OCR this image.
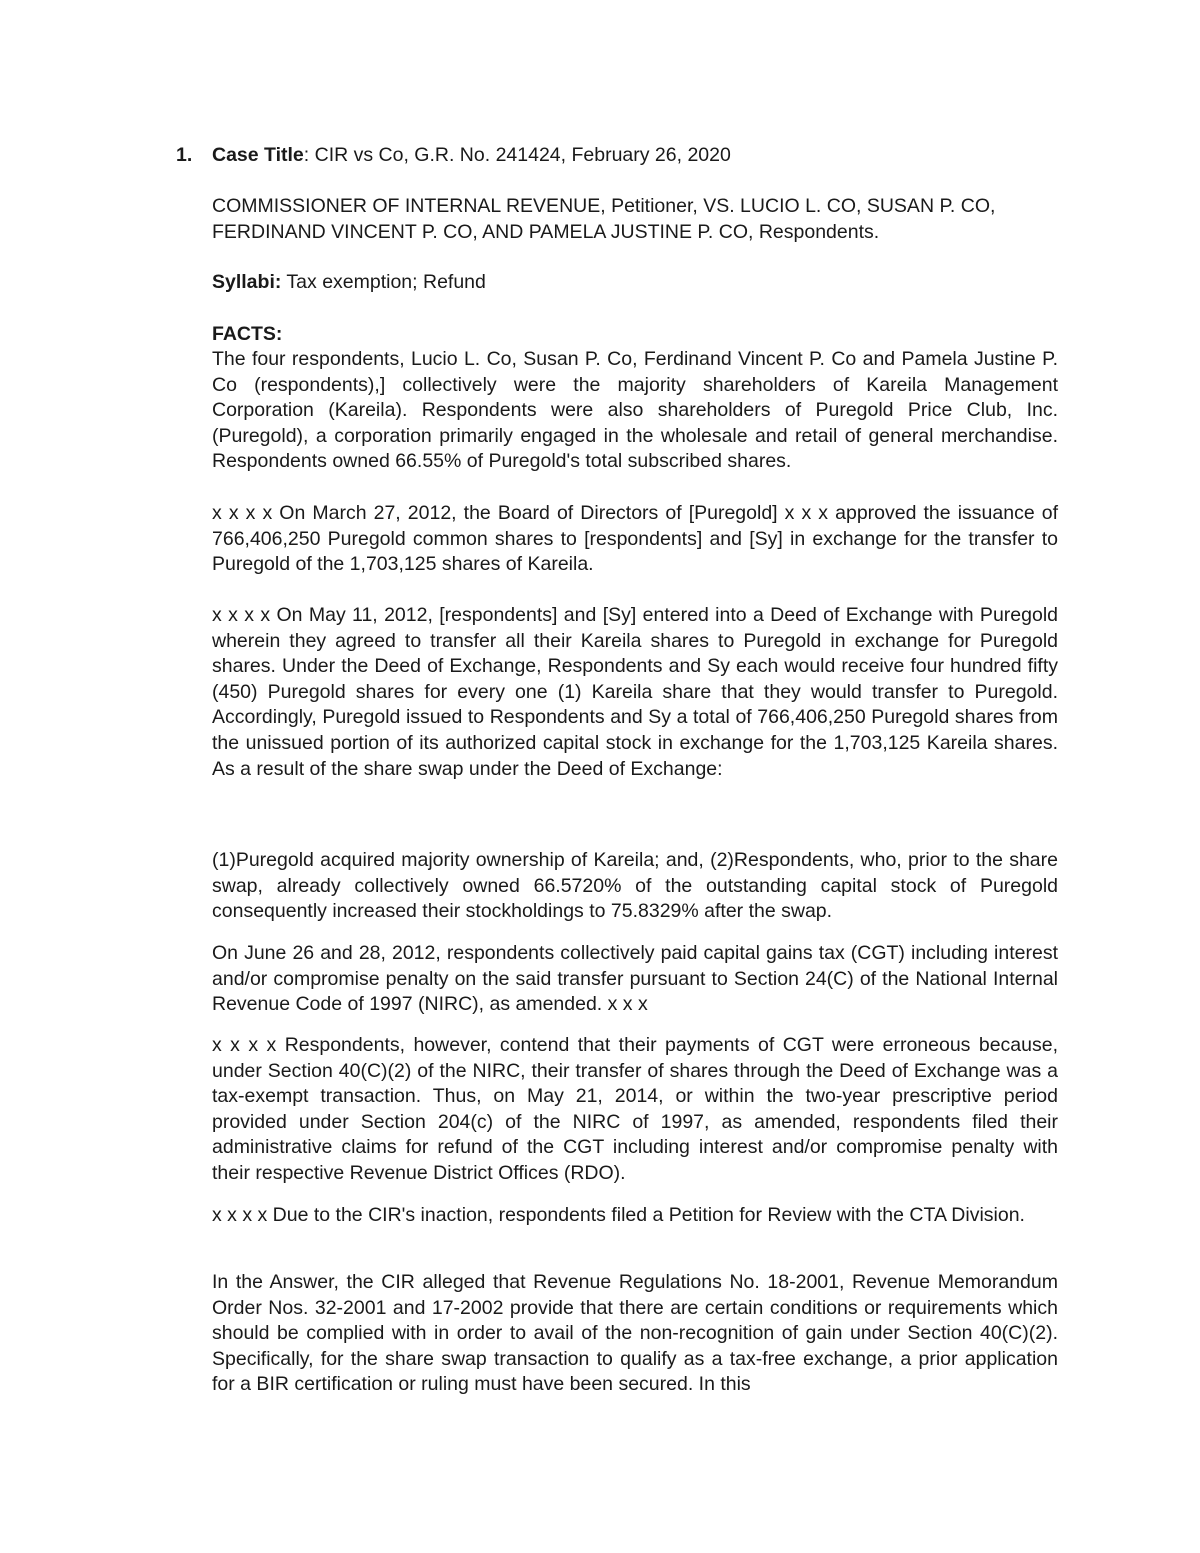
1. Case Title: CIR vs Co, G.R. No. 241424, February 26, 2020

COMMISSIONER OF INTERNAL REVENUE, Petitioner, VS. LUCIO L. CO, SUSAN P. CO, FERDINAND VINCENT P. CO, AND PAMELA JUSTINE P. CO, Respondents.

Syllabi: Tax exemption; Refund

FACTS:

The four respondents, Lucio L. Co, Susan P. Co, Ferdinand Vincent P. Co and Pamela Justine P. Co (respondents),] collectively were the majority shareholders of Kareila Management Corporation (Kareila). Respondents were also shareholders of Puregold Price Club, Inc. (Puregold), a corporation primarily engaged in the wholesale and retail of general merchandise. Respondents owned 66.55% of Puregold's total subscribed shares.

x x x x On March 27, 2012, the Board of Directors of [Puregold] x x x approved the issuance of 766,406,250 Puregold common shares to [respondents] and [Sy] in exchange for the transfer to Puregold of the 1,703,125 shares of Kareila.

x x x x On May 11, 2012, [respondents] and [Sy] entered into a Deed of Exchange with Puregold wherein they agreed to transfer all their Kareila shares to Puregold in exchange for Puregold shares. Under the Deed of Exchange, Respondents and Sy each would receive four hundred fifty (450) Puregold shares for every one (1) Kareila share that they would transfer to Puregold. Accordingly, Puregold issued to Respondents and Sy a total of 766,406,250 Puregold shares from the unissued portion of its authorized capital stock in exchange for the 1,703,125 Kareila shares. As a result of the share swap under the Deed of Exchange:

(1)Puregold acquired majority ownership of Kareila; and, (2)Respondents, who, prior to the share swap, already collectively owned 66.5720% of the outstanding capital stock of Puregold consequently increased their stockholdings to 75.8329% after the swap.

On June 26 and 28, 2012, respondents collectively paid capital gains tax (CGT) including interest and/or compromise penalty on the said transfer pursuant to Section 24(C) of the National Internal Revenue Code of 1997 (NIRC), as amended. x x x

x x x x Respondents, however, contend that their payments of CGT were erroneous because, under Section 40(C)(2) of the NIRC, their transfer of shares through the Deed of Exchange was a tax-exempt transaction. Thus, on May 21, 2014, or within the two-year prescriptive period provided under Section 204(c) of the NIRC of 1997, as amended, respondents filed their administrative claims for refund of the CGT including interest and/or compromise penalty with their respective Revenue District Offices (RDO).

x x x x Due to the CIR's inaction, respondents filed a Petition for Review with the CTA Division.

In the Answer, the CIR alleged that Revenue Regulations No. 18-2001, Revenue Memorandum Order Nos. 32-2001 and 17-2002 provide that there are certain conditions or requirements which should be complied with in order to avail of the non-recognition of gain under Section 40(C)(2). Specifically, for the share swap transaction to qualify as a tax-free exchange, a prior application for a BIR certification or ruling must have been secured. In this
